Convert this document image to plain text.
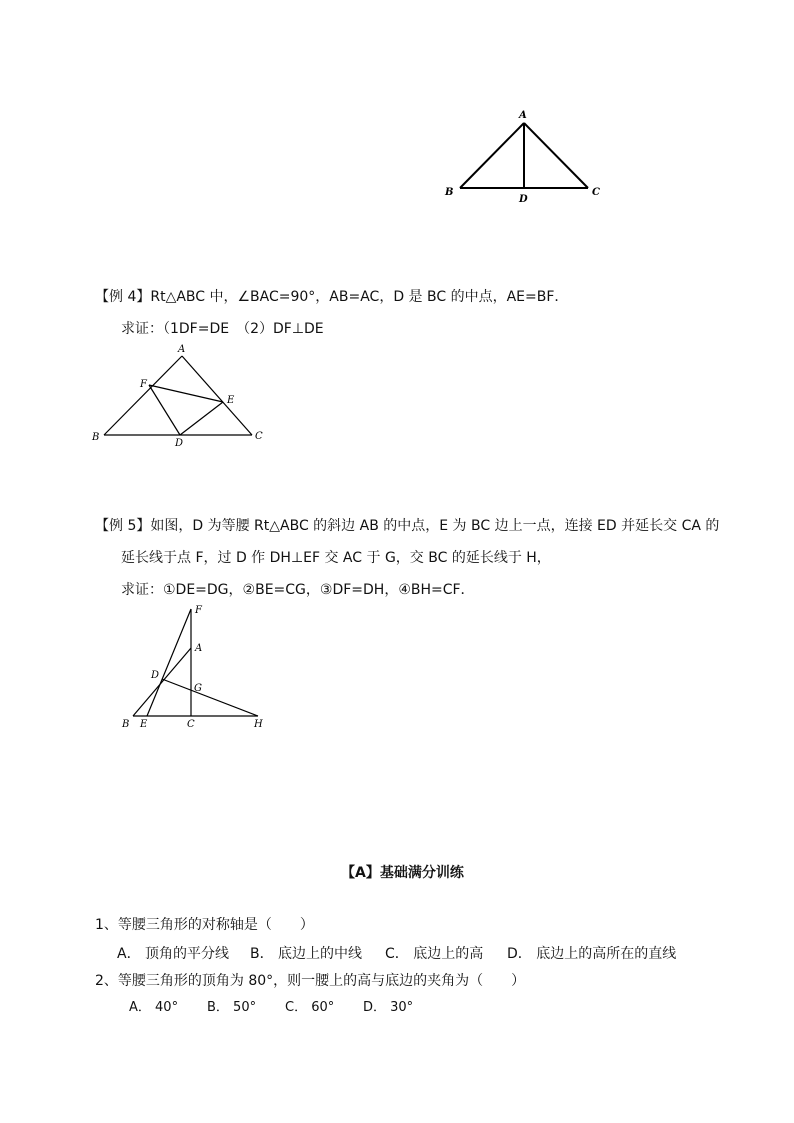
A
B	C
D
【例 4】Rt△ABC 中，∠BAC=90°，AB=AC，D 是 BC 的中点，AE=BF．
求证：（1DF=DE　（2）DF⊥DE
A
B	C
D
E
F
【例 5】如图，D 为等腰 Rt△ABC 的斜边 AB 的中点，E 为 BC 边上一点，连接 ED 并延长交 CA 的
延长线于点 F，过 D 作 DH⊥EF 交 AC 于 G，交 BC 的延长线于 H，
求证：①DE=DG，②BE=CG，③DF=DH，④BH=CF．
F
A
D
G
B E	C	H
【A】基础满分训练
1、等腰三角形的对称轴是（　　）
A． 顶角的平分线 B． 底边上的中线 C． 底边上的高 D． 底边上的高所在的直线
2、等腰三角形的顶角为 80°，则一腰上的高与底边的夹角为（　　）
A． 40° B． 50° C． 60° D． 30°
